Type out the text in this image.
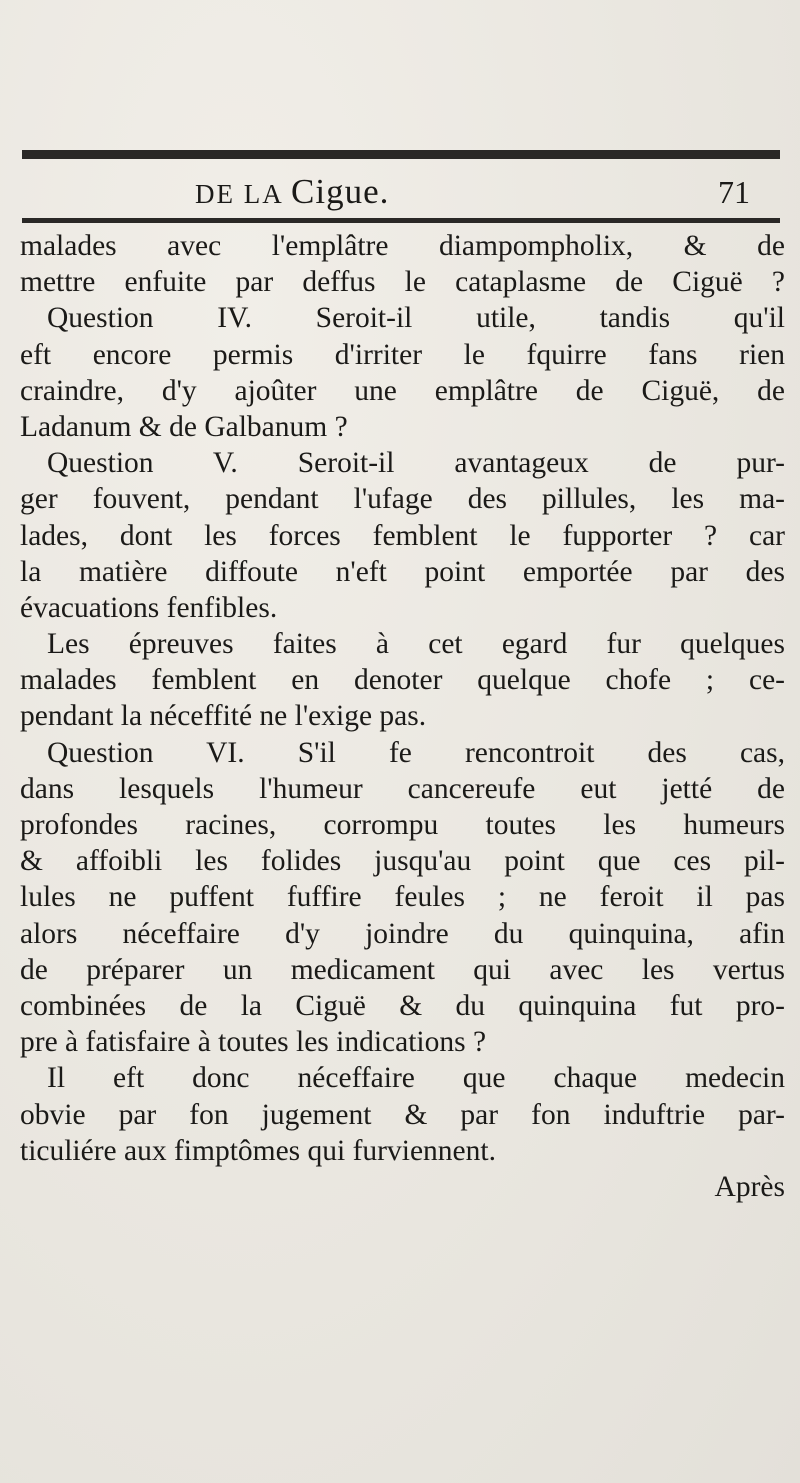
DE LA Cigue.	71
malades avec l'emplâtre diampompholix, & de
mettre enfuite par deffus le cataplasme de Ciguë ?
Question IV. Seroit-il utile, tandis qu'il
eft encore permis d'irriter le fquirre fans rien
craindre, d'y ajoûter une emplâtre de Ciguë, de
Ladanum & de Galbanum ?
Question V. Seroit-il avantageux de pur-
ger fouvent, pendant l'ufage des pillules, les ma-
lades, dont les forces femblent le fupporter ? car
la matière diffoute n'eft point emportée par des
évacuations fenfibles.
Les épreuves faites à cet egard fur quelques
malades femblent en denoter quelque chofe ; ce-
pendant la néceffité ne l'exige pas.
Question VI. S'il fe rencontroit des cas,
dans lesquels l'humeur cancereufe eut jetté de
profondes racines, corrompu toutes les humeurs
& affoibli les folides jusqu'au point que ces pil-
lules ne puffent fuffire feules ; ne feroit il pas
alors néceffaire d'y joindre du quinquina, afin
de préparer un medicament qui avec les vertus
combinées de la Ciguë & du quinquina fut pro-
pre à fatisfaire à toutes les indications ?
Il eft donc néceffaire que chaque medecin
obvie par fon jugement & par fon induftrie par-
ticuliére aux fimptômes qui furviennent.
Après
